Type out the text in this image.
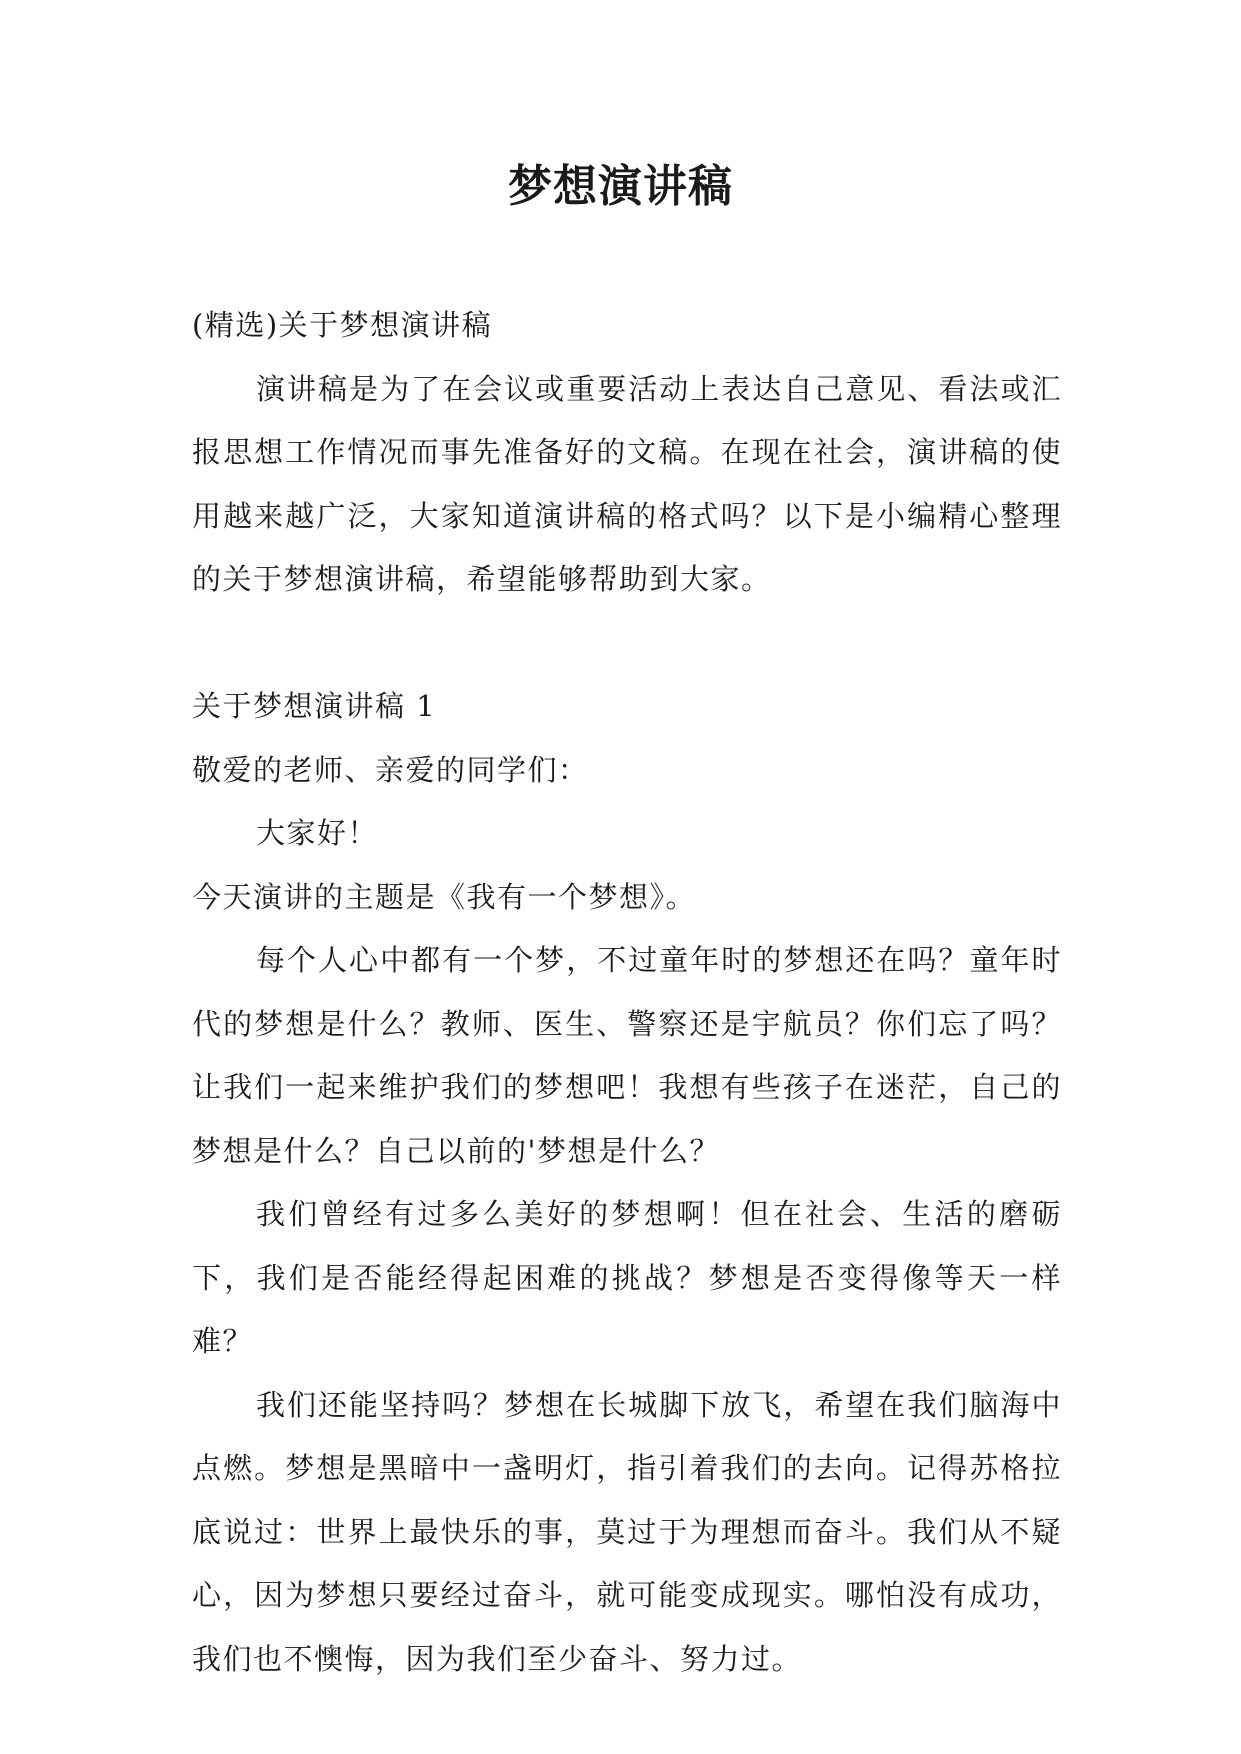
梦想演讲稿

(精选)关于梦想演讲稿

演讲稿是为了在会议或重要活动上表达自己意见、看法或汇报思想工作情况而事先准备好的文稿。在现在社会，演讲稿的使用越来越广泛，大家知道演讲稿的格式吗？以下是小编精心整理的关于梦想演讲稿，希望能够帮助到大家。

关于梦想演讲稿 1

敬爱的老师、亲爱的同学们：

大家好！

今天演讲的主题是《我有一个梦想》。

每个人心中都有一个梦，不过童年时的梦想还在吗？童年时代的梦想是什么？教师、医生、警察还是宇航员？你们忘了吗？让我们一起来维护我们的梦想吧！我想有些孩子在迷茫，自己的梦想是什么？自己以前的'梦想是什么？

我们曾经有过多么美好的梦想啊！但在社会、生活的磨砺下，我们是否能经得起困难的挑战？梦想是否变得像等天一样难？

我们还能坚持吗？梦想在长城脚下放飞，希望在我们脑海中点燃。梦想是黑暗中一盏明灯，指引着我们的去向。记得苏格拉底说过：世界上最快乐的事，莫过于为理想而奋斗。我们从不疑心，因为梦想只要经过奋斗，就可能变成现实。哪怕没有成功，我们也不懊悔，因为我们至少奋斗、努力过。
